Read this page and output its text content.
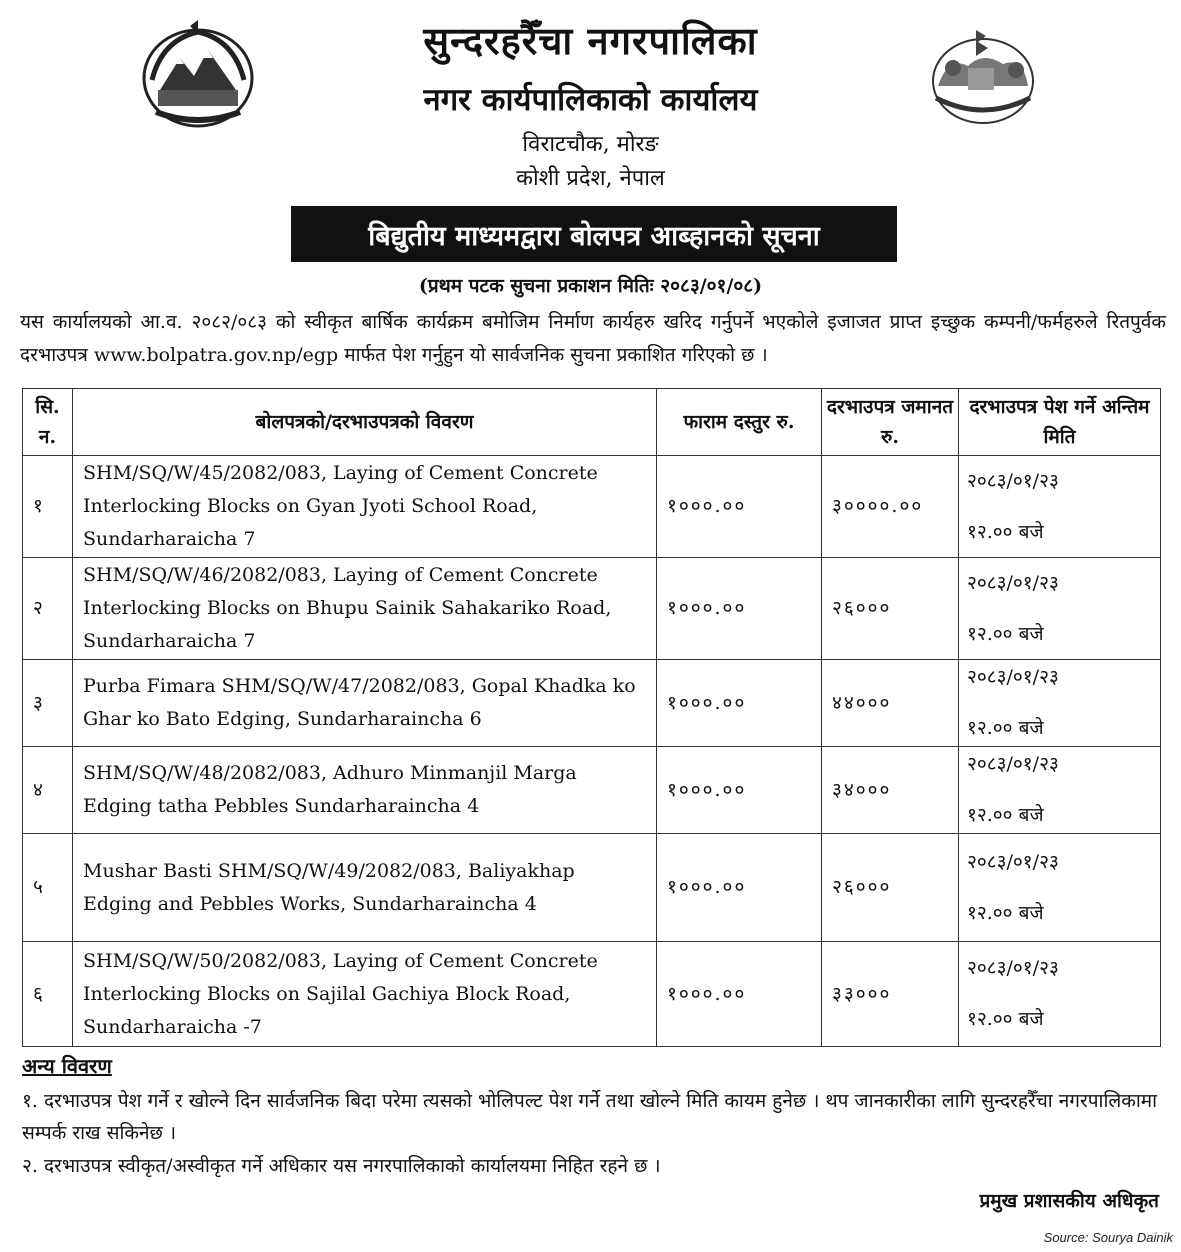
सुन्दरहरैँचा नगरपालिका
नगर कार्यपालिकाको कार्यालय
विराटचौक, मोरङ
कोशी प्रदेश, नेपाल
बिद्युतीय माध्यमद्वारा बोलपत्र आब्हानको सूचना
(प्रथम पटक सुचना प्रकाशन मितिः २०८३/०१/०८)
यस कार्यालयको आ.व. २०८२/०८३ को स्वीकृत बार्षिक कार्यक्रम बमोजिम निर्माण कार्यहरु खरिद गर्नुपर्ने भएकोले इजाजत प्राप्त इच्छुक कम्पनी/फर्महरुले रितपुर्वक दरभाउपत्र www.bolpatra.gov.np/egp मार्फत पेश गर्नुहुन यो सार्वजनिक सुचना प्रकाशित गरिएको छ ।
सि. न.	बोलपत्रको/दरभाउपत्रको विवरण	फाराम दस्तुर रु.	दरभाउपत्र जमानत रु.	दरभाउपत्र पेश गर्ने अन्तिम मिति
१	SHM/SQ/W/45/2082/083, Laying of Cement Concrete Interlocking Blocks on Gyan Jyoti School Road, Sundarharaicha 7	१०००.००	३००००.००	२०८३/०१/२३
१२.०० बजे

२	SHM/SQ/W/46/2082/083, Laying of Cement Concrete Interlocking Blocks on Bhupu Sainik Sahakariko Road, Sundarharaicha 7	१०००.००	२६०००	२०८३/०१/२३
१२.०० बजे

३	Purba Fimara SHM/SQ/W/47/2082/083, Gopal Khadka ko Ghar ko Bato Edging, Sundarharaincha 6	१०००.००	४४०००	२०८३/०१/२३
१२.०० बजे

४	SHM/SQ/W/48/2082/083, Adhuro Minmanjil Marga Edging tatha Pebbles Sundarharaincha 4	१०००.००	३४०००	२०८३/०१/२३
१२.०० बजे

५	Mushar Basti SHM/SQ/W/49/2082/083, Baliyakhap Edging and Pebbles Works, Sundarharaincha 4	१०००.००	२६०००	२०८३/०१/२३
१२.०० बजे

६	SHM/SQ/W/50/2082/083, Laying of Cement Concrete Interlocking Blocks on Sajilal Gachiya Block Road, Sundarharaicha -7	१०००.००	३३०००	२०८३/०१/२३
१२.०० बजे
अन्य विवरण
१. दरभाउपत्र पेश गर्ने र खोल्ने दिन सार्वजनिक बिदा परेमा त्यसको भोलिपल्ट पेश गर्ने तथा खोल्ने मिति कायम हुनेछ । थप जानकारीका लागि सुन्दरहरैँचा नगरपालिकामा सम्पर्क राख सकिनेछ ।
२. दरभाउपत्र स्वीकृत/अस्वीकृत गर्ने अधिकार यस नगरपालिकाको कार्यालयमा निहित रहने छ ।
प्रमुख प्रशासकीय अधिकृत
Source: Sourya Dainik
